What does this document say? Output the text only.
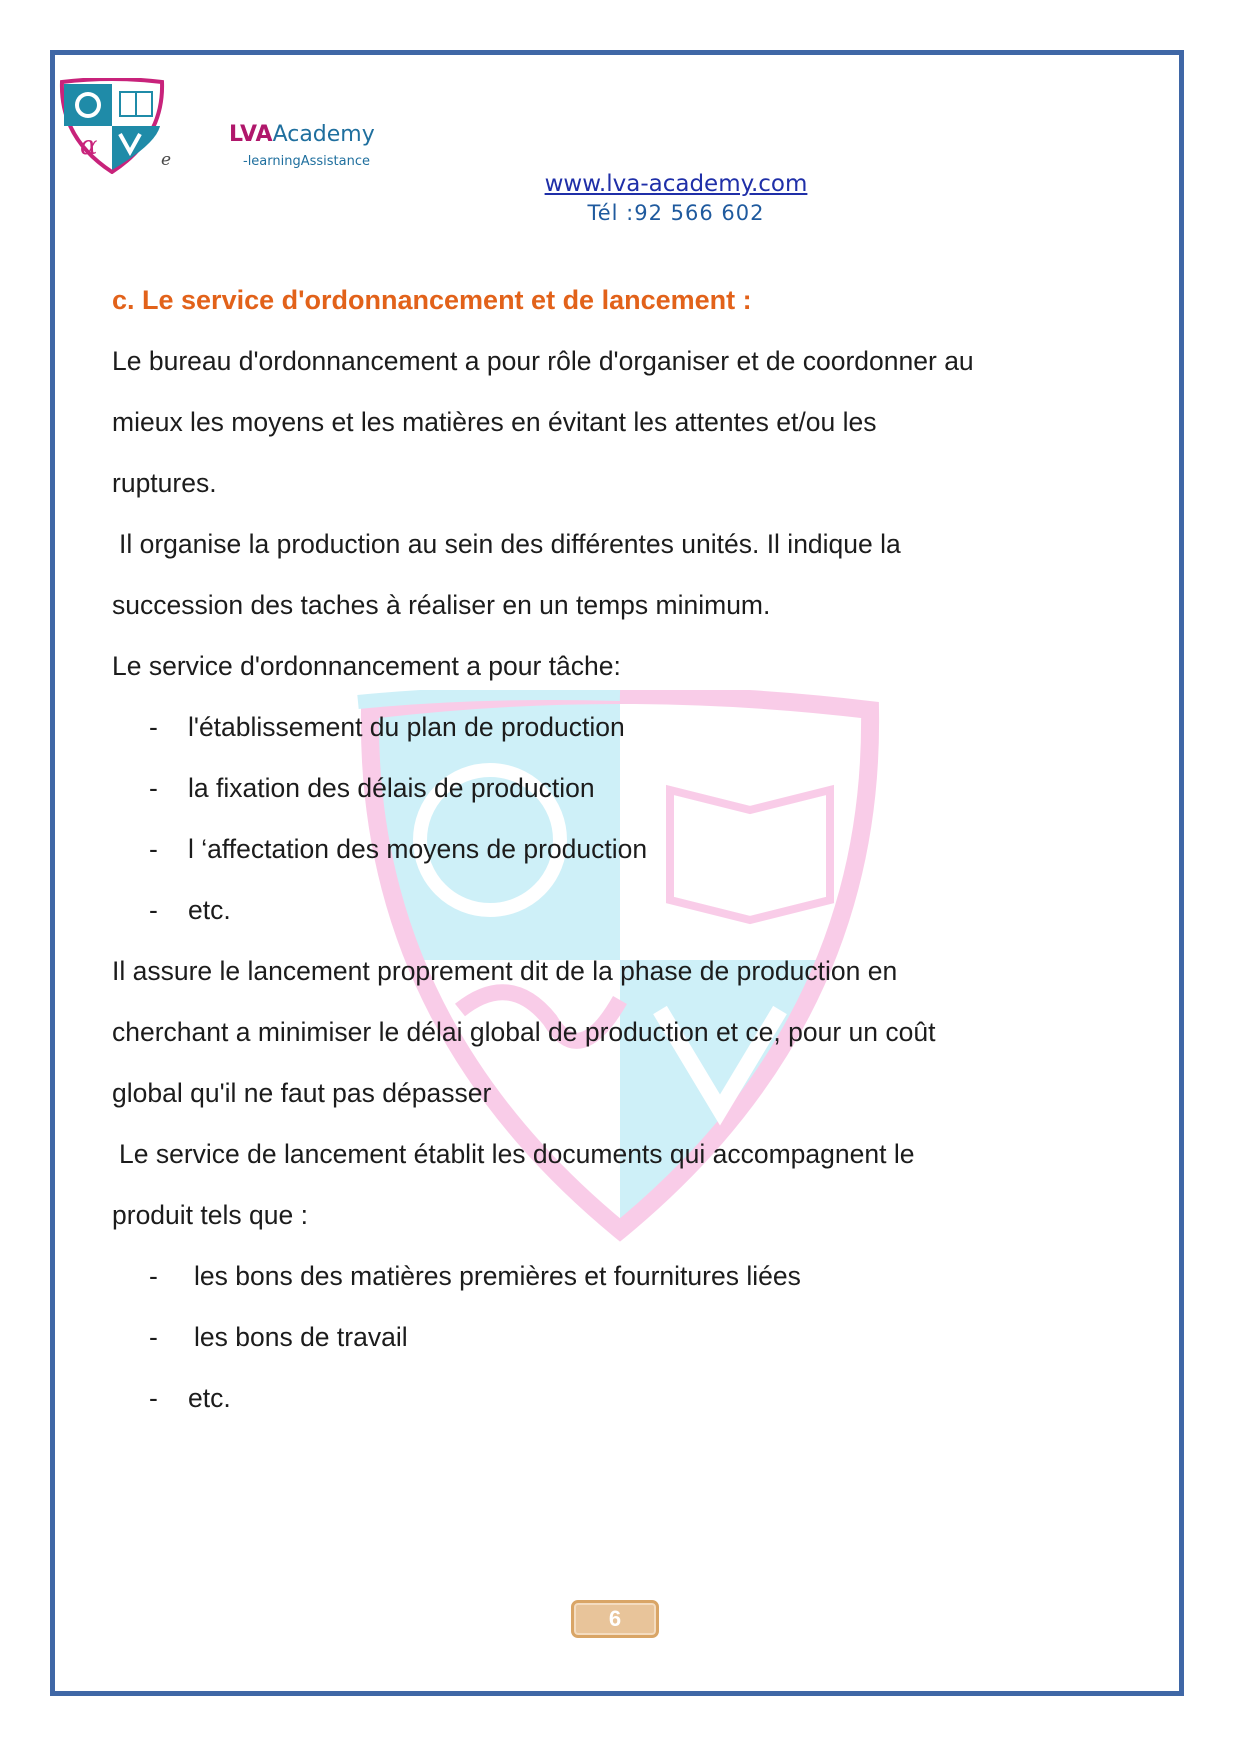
α	e
LVAAcademy
-learningAssistance
www.lva-academy.com
Tél :92 566 602

c. Le service d'ordonnancement et de lancement :

Le bureau d'ordonnancement a pour rôle d'organiser et de coordonner au

mieux les moyens et les matières en évitant les attentes et/ou les

ruptures.

Il organise la production au sein des différentes unités. Il indique la

succession des taches à réaliser en un temps minimum.

Le service d'ordonnancement a pour tâche:

-	l'établissement du plan de production

-	la fixation des délais de production

-	l ‘affectation des moyens de production

-	etc.

Il assure le lancement proprement dit de la phase de production en

cherchant a minimiser le délai global de production et ce, pour un coût

global qu'il ne faut pas dépasser

Le service de lancement établit les documents qui accompagnent le

produit tels que :

-	les bons des matières premières et fournitures liées

-	les bons de travail

-	etc.

6
